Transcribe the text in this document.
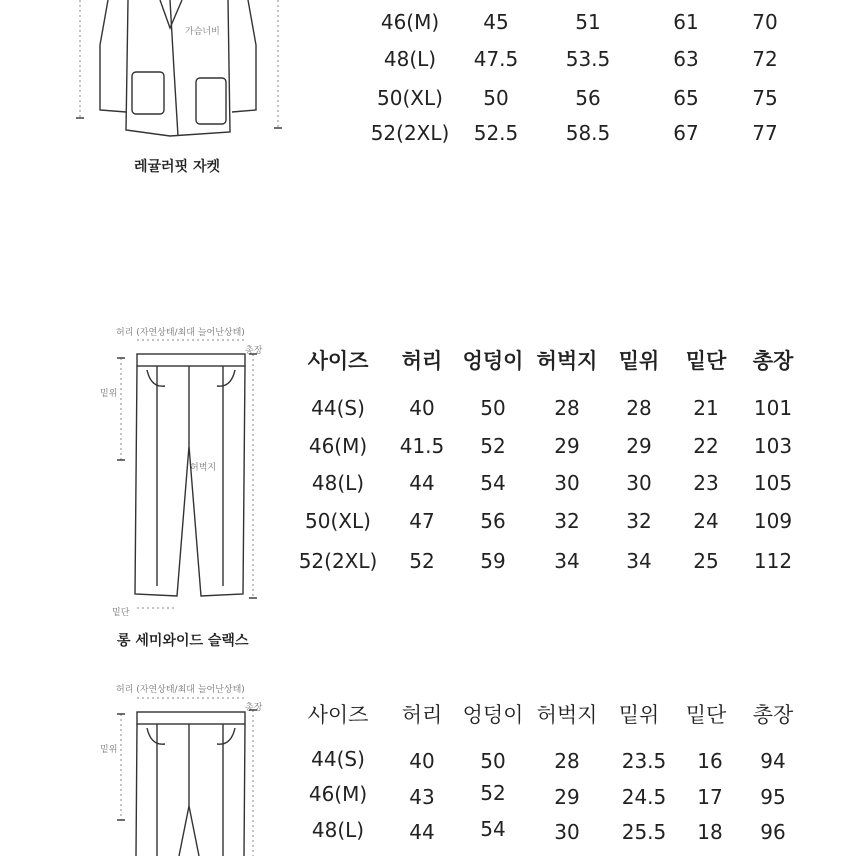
가슴너비
레귤러핏 자켓
46(M) 45	51	61	70
48(L) 47.5 53.5	63	72
50(XL) 50	56	65	75
52(2XL) 52.5 58.5	67	77
허리 (자연상태/최대 늘어난상태)
총장
밑위
허벅지
밑단
롱 세미와이드 슬랙스
사이즈 허리 엉덩이 허벅지 밑위 밑단 총장
44(S) 40 50 28 28 21 101
46(M) 41.5 52 29 29 22 103
48(L) 44 54 30 30 23 105
50(XL) 47 56 32 32 24 109
52(2XL) 52 59 34 34 25 112
허리 (자연상태/최대 늘어난상태)
총장
밑위
사이즈 허리 엉덩이 허벅지 밑위 밑단 총장
44(S) 40 50 28 23.5 16 94
46(M) 43 52 29 24.5 17 95
48(L) 44 54 30 25.5 18 96
